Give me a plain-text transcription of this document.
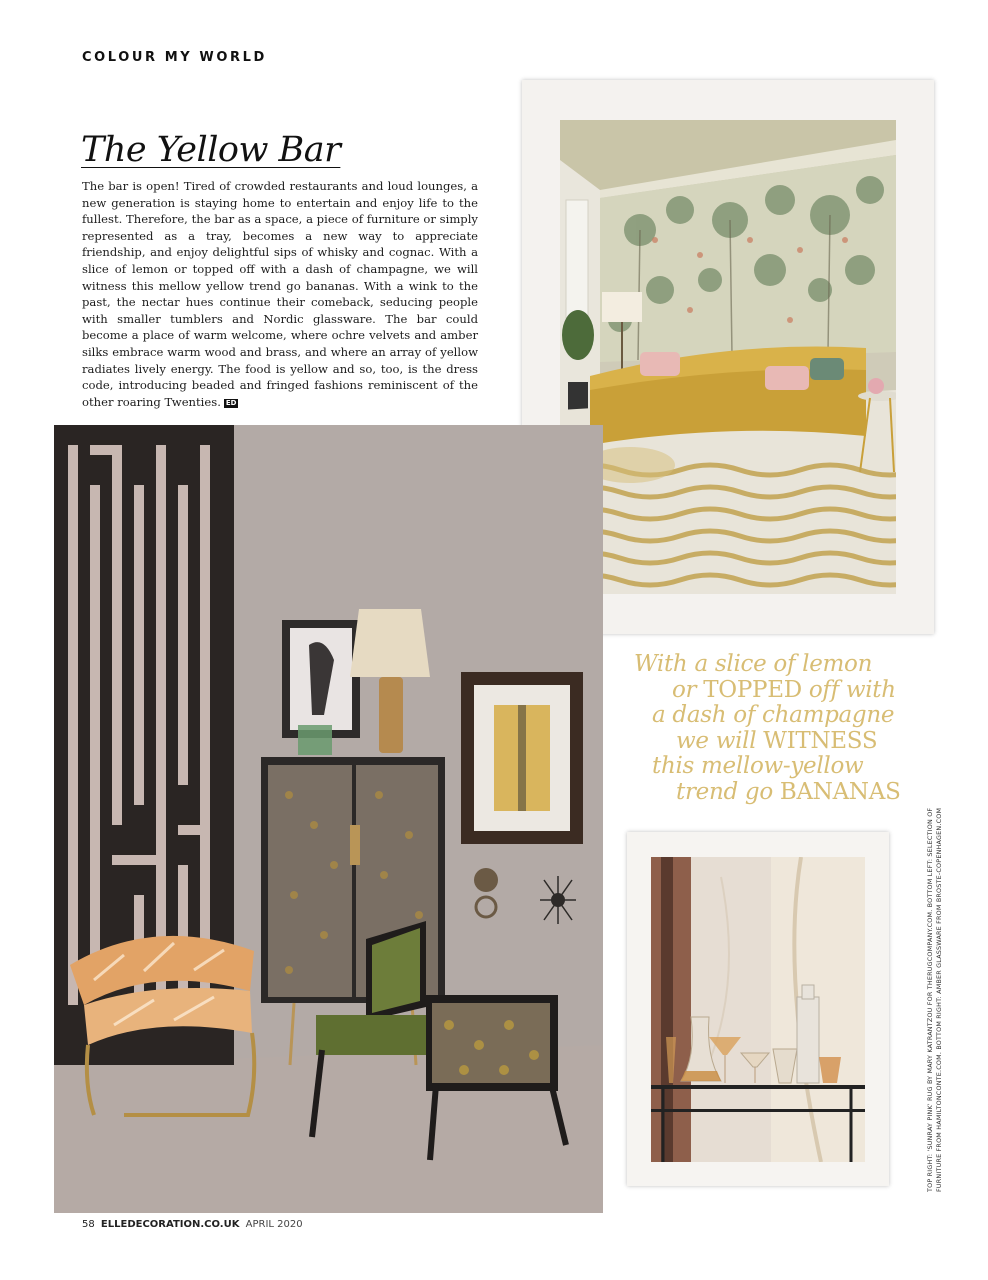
COLOUR MY WORLD
The Yellow Bar

The bar is open! Tired of crowded restaurants and loud lounges, a new generation is staying home to entertain and enjoy life to the fullest. Therefore, the bar as a space, a piece of furniture or simply represented as a tray, becomes a new way to appreciate friendship, and enjoy delightful sips of whisky and cognac. With a slice of lemon or topped off with a dash of champagne, we will witness this mellow yellow trend go bananas. With a wink to the past, the nectar hues continue their comeback, seducing people with smaller tumblers and Nordic glassware. The bar could become a place of warm welcome, where ochre velvets and amber silks embrace warm wood and brass, and where an array of yellow radiates lively energy. The food is yellow and so, too, is the dress code, introducing beaded and fringed fashions reminiscent of the other roaring Twenties. ED

With a slice of lemon
or TOPPED off with
a dash of champagne
we will WITNESS
this mellow-yellow
trend go BANANAS
TOP RIGHT: 'SUNRAY PINK' RUG BY MARY KATRANTZOU FOR THERUGCOMPANY.COM. BOTTOM LEFT: SELECTION OF FURNITURE FROM HAMILTONCONTE.COM. BOTTOM RIGHT: AMBER GLASSWARE FROM BROSTE-COPENHAGEN.COM
58 ELLEDECORATION.CO.UK APRIL 2020
